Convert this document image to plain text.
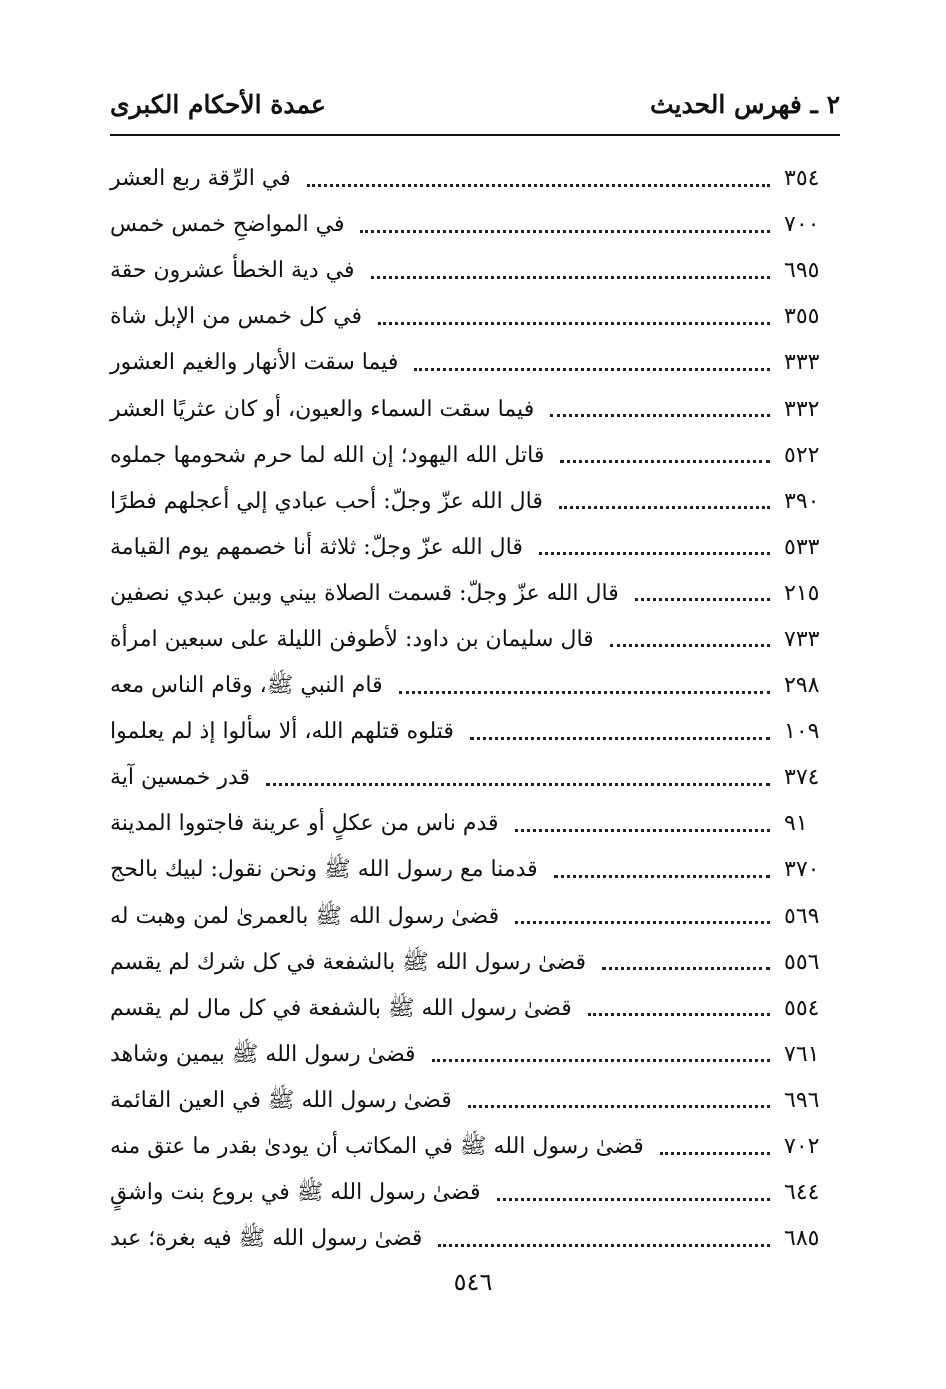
٢ ـ فهرس الحديث
عمدة الأحكام الكبرى
في الرِّقة ربع العشر	٣٥٤
في المواضحِ خمس خمس	٧٠٠
في دية الخطأ عشرون حقة	٦٩٥
في كل خمس من الإبل شاة	٣٥٥
فيما سقت الأنهار والغيم العشور	٣٣٣
فيما سقت السماء والعيون، أو كان عثريًا العشر	٣٣٢
قاتل الله اليهود؛ إن الله لما حرم شحومها جملوه	٥٢٢
قال الله عزّ وجلّ: أحب عبادي إلي أعجلهم فطرًا	٣٩٠
قال الله عزّ وجلّ: ثلاثة أنا خصمهم يوم القيامة	٥٣٣
قال الله عزّ وجلّ: قسمت الصلاة بيني وبين عبدي نصفين	٢١٥
قال سليمان بن داود: لأطوفن الليلة على سبعين امرأة	٧٣٣
قام النبي ﷺ، وقام الناس معه	٢٩٨
قتلوه قتلهم الله، ألا سألوا إذ لم يعلموا	١٠٩
قدر خمسين آية	٣٧٤
قدم ناس من عكلٍ أو عرينة فاجتووا المدينة	٩١
قدمنا مع رسول الله ﷺ ونحن نقول: لبيك بالحج	٣٧٠
قضىٰ رسول الله ﷺ بالعمرىٰ لمن وهبت له	٥٦٩
قضىٰ رسول الله ﷺ بالشفعة في كل شرك لم يقسم	٥٥٦
قضىٰ رسول الله ﷺ بالشفعة في كل مال لم يقسم	٥٥٤
قضىٰ رسول الله ﷺ بيمين وشاهد	٧٦١
قضىٰ رسول الله ﷺ في العين القائمة	٦٩٦
قضىٰ رسول الله ﷺ في المكاتب أن يودىٰ بقدر ما عتق منه	٧٠٢
قضىٰ رسول الله ﷺ في بروع بنت واشقٍ	٦٤٤
قضىٰ رسول الله ﷺ فيه بغرة؛ عبد	٦٨٥
٥٤٦
